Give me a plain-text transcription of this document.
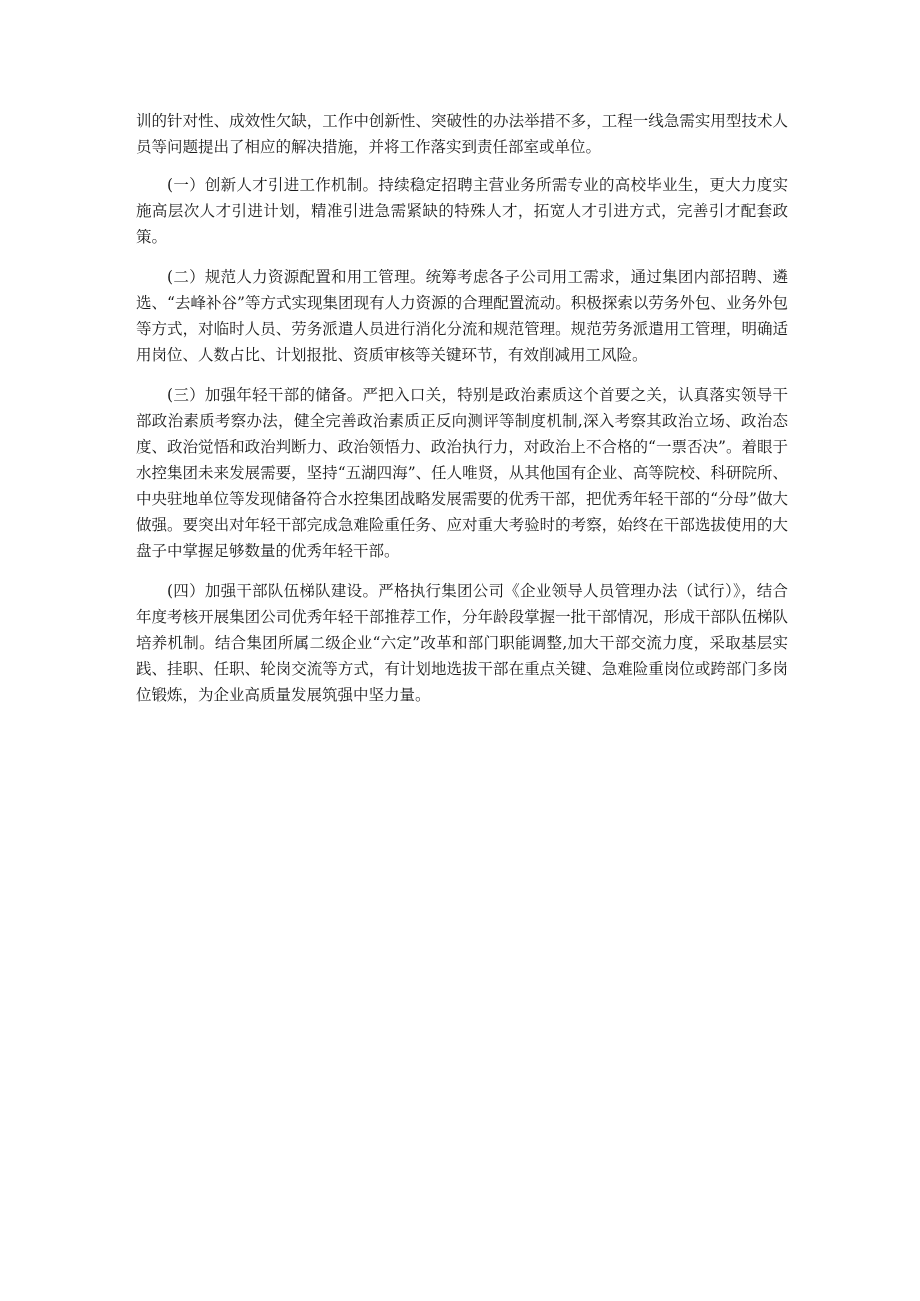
训的针对性、成效性欠缺，工作中创新性、突破性的办法举措不多，工程一线急需实用型技术人员等问题提出了相应的解决措施，并将工作落实到责任部室或单位。

(一）创新人才引进工作机制。持续稳定招聘主营业务所需专业的高校毕业生，更大力度实施高层次人才引进计划，精准引进急需紧缺的特殊人才，拓宽人才引进方式，完善引才配套政策。

(二）规范人力资源配置和用工管理。统筹考虑各子公司用工需求，通过集团内部招聘、遴选、“去峰补谷”等方式实现集团现有人力资源的合理配置流动。积极探索以劳务外包、业务外包等方式，对临时人员、劳务派遣人员进行消化分流和规范管理。规范劳务派遣用工管理，明确适用岗位、人数占比、计划报批、资质审核等关键环节，有效削减用工风险。

(三）加强年轻干部的储备。严把入口关，特别是政治素质这个首要之关，认真落实领导干部政治素质考察办法，健全完善政治素质正反向测评等制度机制,深入考察其政治立场、政治态度、政治觉悟和政治判断力、政治领悟力、政治执行力，对政治上不合格的“一票否决”。着眼于水控集团未来发展需要，坚持“五湖四海”、任人唯贤，从其他国有企业、高等院校、科研院所、中央驻地单位等发现储备符合水控集团战略发展需要的优秀干部，把优秀年轻干部的“分母”做大做强。要突出对年轻干部完成急难险重任务、应对重大考验时的考察，始终在干部选拔使用的大盘子中掌握足够数量的优秀年轻干部。

(四）加强干部队伍梯队建设。严格执行集团公司《企业领导人员管理办法（试行）》，结合年度考核开展集团公司优秀年轻干部推荐工作，分年龄段掌握一批干部情况，形成干部队伍梯队培养机制。结合集团所属二级企业“六定”改革和部门职能调整,加大干部交流力度，采取基层实践、挂职、任职、轮岗交流等方式，有计划地选拔干部在重点关键、急难险重岗位或跨部门多岗位锻炼，为企业高质量发展筑强中坚力量。
